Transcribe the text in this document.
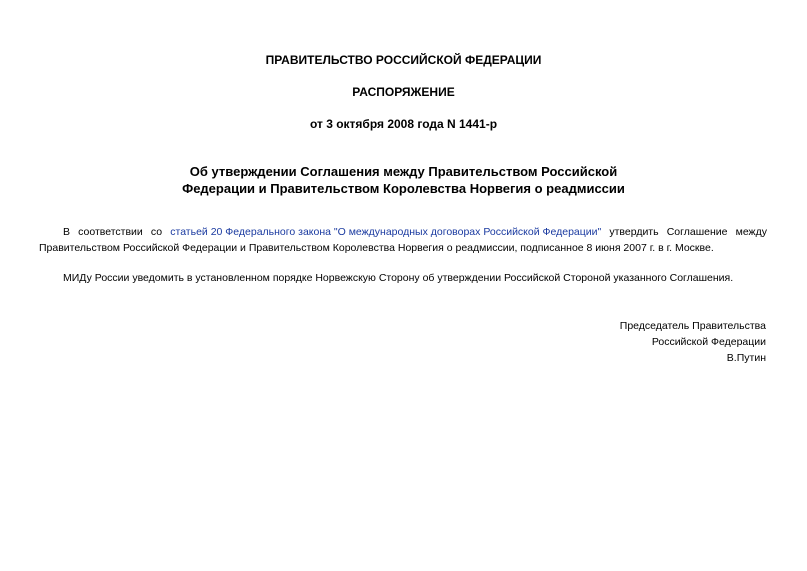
ПРАВИТЕЛЬСТВО РОССИЙСКОЙ ФЕДЕРАЦИИ
РАСПОРЯЖЕНИЕ
от 3 октября 2008 года N 1441-р
Об утверждении Соглашения между Правительством Российской
Федерации и Правительством Королевства Норвегия о реадмиссии
В соответствии со статьей 20 Федерального закона "О международных договорах Российской Федерации" утвердить Соглашение между
Правительством Российской Федерации и Правительством Королевства Норвегия о реадмиссии, подписанное 8 июня 2007 г. в г. Москве.
МИДу России уведомить в установленном порядке Норвежскую Сторону об утверждении Российской Стороной указанного Соглашения.
Председатель Правительства
Российской Федерации
В.Путин
